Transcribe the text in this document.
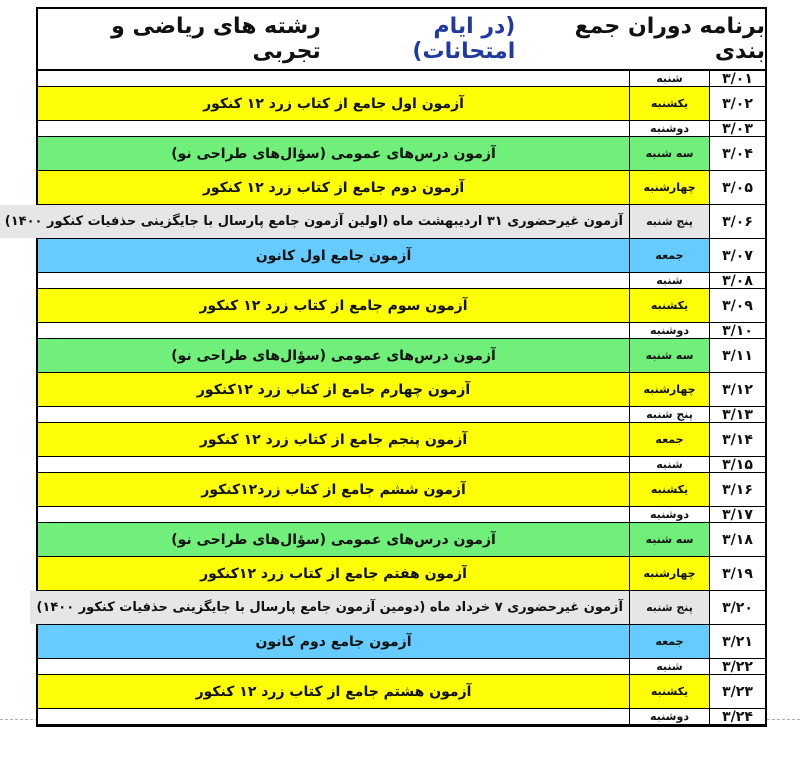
برنامه دوران جمع بندی
(در ایام امتحانات)
رشته های ریاضی و تجربی
۳/۰۱
شنبه
۳/۰۲
یکشنبه
آزمون اول جامع از کتاب زرد ۱۲ کنکور
۳/۰۳
دوشنبه
۳/۰۴
سه شنبه
آزمون درس‌های عمومی (سؤال‌های طراحی نو)
۳/۰۵
چهارشنبه
آزمون دوم جامع از کتاب زرد ۱۲ کنکور
۳/۰۶
پنج شنبه
آزمون غیرحضوری ۳۱ اردیبهشت ماه (اولین آزمون جامع پارسال با جایگزینی حذفیات کنکور ۱۴۰۰)
۳/۰۷
جمعه
آزمون جامع اول کانون
۳/۰۸
شنبه
۳/۰۹
یکشنبه
آزمون سوم جامع از کتاب زرد ۱۲ کنکور
۳/۱۰
دوشنبه
۳/۱۱
سه شنبه
آزمون درس‌های عمومی (سؤال‌های طراحی نو)
۳/۱۲
چهارشنبه
آزمون چهارم جامع از کتاب زرد ۱۲کنکور
۳/۱۳
پنج شنبه
۳/۱۴
جمعه
آزمون پنجم جامع از کتاب زرد ۱۲ کنکور
۳/۱۵
شنبه
۳/۱۶
یکشنبه
آزمون ششم جامع از کتاب زرد۱۲کنکور
۳/۱۷
دوشنبه
۳/۱۸
سه شنبه
آزمون درس‌های عمومی (سؤال‌های طراحی نو)
۳/۱۹
چهارشنبه
آزمون هفتم جامع از کتاب زرد ۱۲کنکور
۳/۲۰
پنج شنبه
آزمون غیرحضوری ۷ خرداد ماه (دومین آزمون جامع پارسال با جایگزینی حذفیات کنکور ۱۴۰۰)
۳/۲۱
جمعه
آزمون جامع دوم کانون
۳/۲۲
شنبه
۳/۲۳
یکشنبه
آزمون هشتم جامع از کتاب زرد ۱۲ کنکور
۳/۲۴
دوشنبه
